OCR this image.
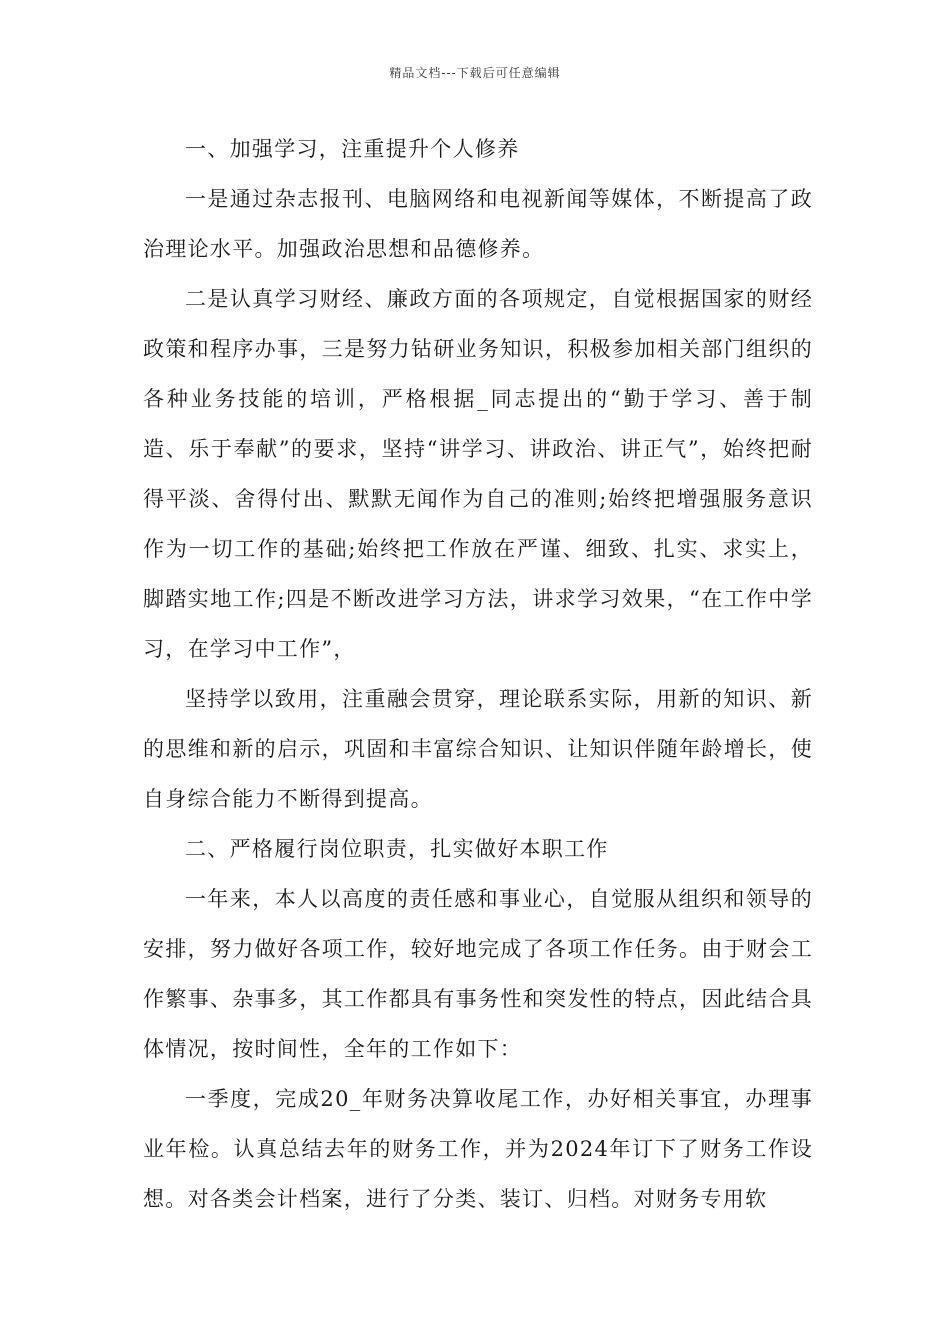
精品文档---下载后可任意编辑

一、加强学习，注重提升个人修养

一是通过杂志报刊、电脑网络和电视新闻等媒体，不断提高了政治理论水平。加强政治思想和品德修养。

二是认真学习财经、廉政方面的各项规定，自觉根据国家的财经政策和程序办事，三是努力钻研业务知识，积极参加相关部门组织的各种业务技能的培训，严格根据_同志提出的“勤于学习、善于制造、乐于奉献”的要求，坚持“讲学习、讲政治、讲正气”，始终把耐得平淡、舍得付出、默默无闻作为自己的准则;始终把增强服务意识作为一切工作的基础;始终把工作放在严谨、细致、扎实、求实上，脚踏实地工作;四是不断改进学习方法，讲求学习效果，“在工作中学习，在学习中工作”，

坚持学以致用，注重融会贯穿，理论联系实际，用新的知识、新的思维和新的启示，巩固和丰富综合知识、让知识伴随年龄增长，使自身综合能力不断得到提高。

二、严格履行岗位职责，扎实做好本职工作

一年来，本人以高度的责任感和事业心，自觉服从组织和领导的安排，努力做好各项工作，较好地完成了各项工作任务。由于财会工作繁事、杂事多，其工作都具有事务性和突发性的特点，因此结合具体情况，按时间性，全年的工作如下：

一季度，完成20_年财务决算收尾工作，办好相关事宜，办理事业年检。认真总结去年的财务工作，并为2024年订下了财务工作设想。对各类会计档案，进行了分类、装订、归档。对财务专用软
